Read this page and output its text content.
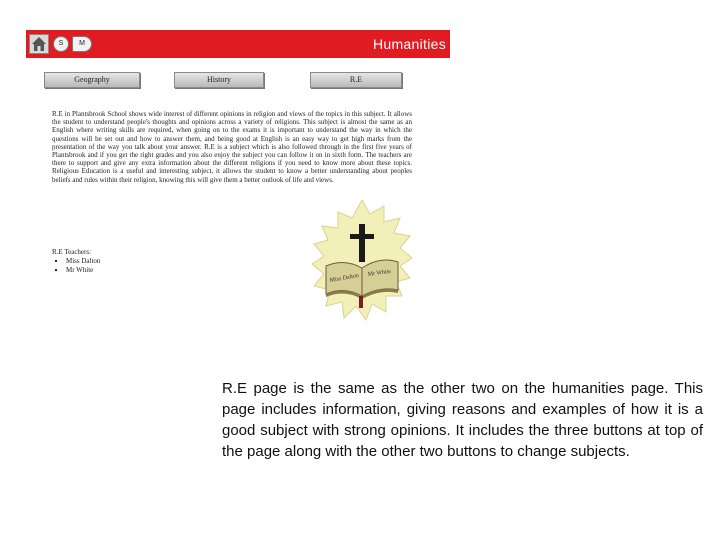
S	M	Humanities
Geography	History	R.E
R.E in Plantsbrook School shows wide interest of different opinions in religion and views of the topics in this subject. It allows the student to understand people's thoughts and opinions across a variety of religions. This subject is almost the same as an English where writing skills are required, when going on to the exams it is important to understand the way in which the questions will be set out and how to answer them, and being good at English is an easy way to get high marks from the presentation of the way you talk about your answer. R.E is a subject which is also followed through in the first five years of Plantsbrook and if you get the right grades and you also enjoy the subject you can follow it on in sixth form. The teachers are there to support and give any extra information about the different religions if you need to know more about these topics. Religious Education is a useful and interesting subject, it allows the student to know a better understanding about peoples beliefs and rules within their religion, knowing this will give them a better outlook of life and views.
R.E Teachers:
▪ Miss Dalton
▪ Mr White
Miss Dalton Mr White
R.E page is the same as the other two on the humanities page. This page includes information, giving reasons and examples of how it is a good subject with strong opinions. It includes the three buttons at top of the page along with the other two buttons to change subjects.
